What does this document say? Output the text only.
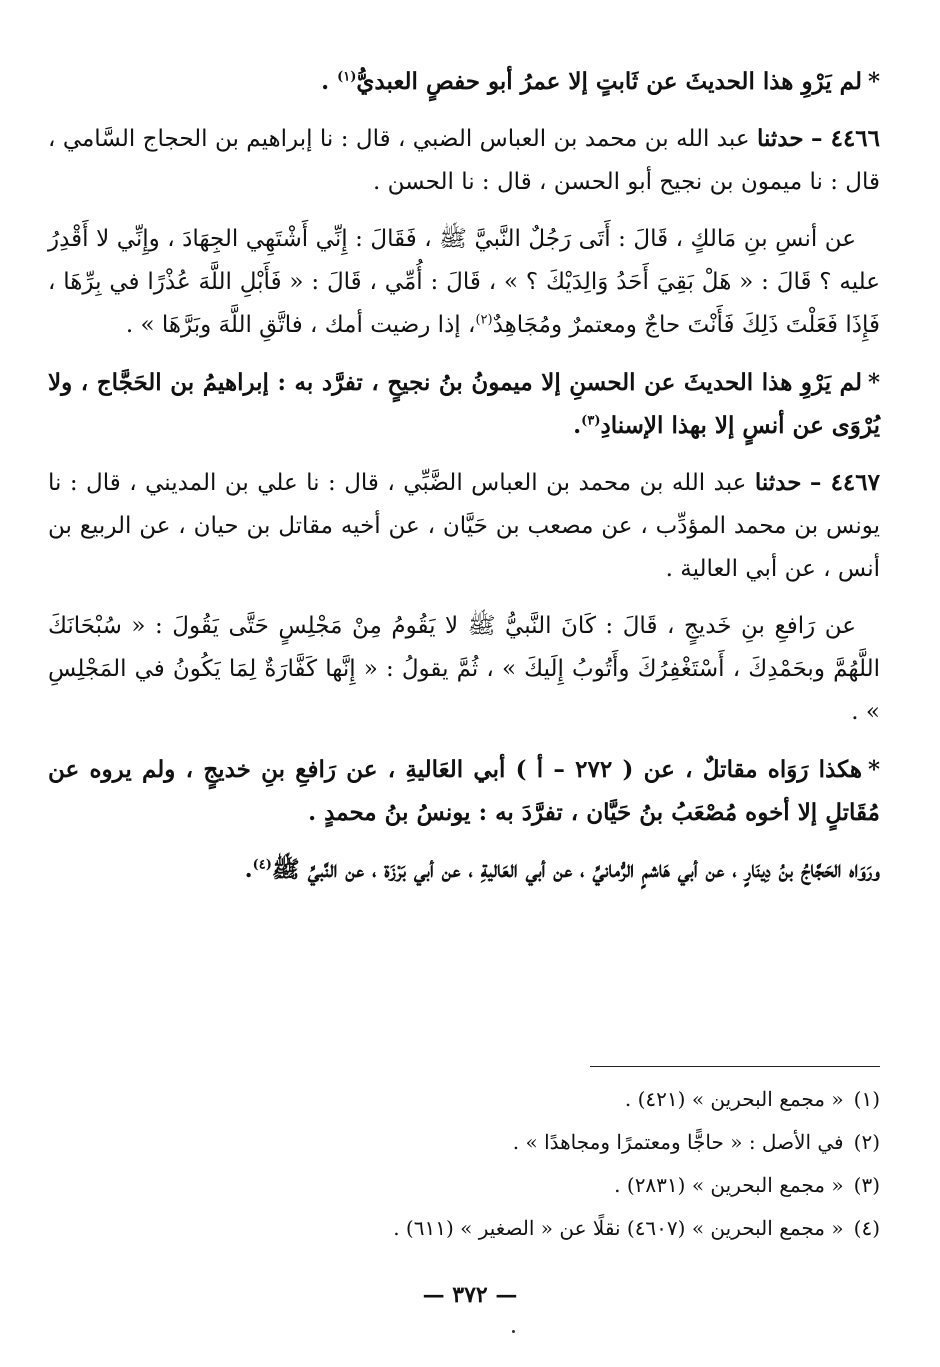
*لم يَرْوِ هذا الحديثَ عن ثَابتٍ إلا عمرُ أبو حفصٍ العبديُّ$^{(١)}$ .

٤٤٦٦ – حدثنا عبد الله بن محمد بن العباس الضبي ، قال : نا إبراهيم بن الحجاج السَّامي ، قال : نا ميمون بن نجيح أبو الحسن ، قال : نا الحسن .

عن أنسِ بنِ مَالكٍ ، قَالَ : أَتَى رَجُلٌ النَّبيَّ ﷺ ، فَقَالَ : إِنِّي أَشْتَهِي الجِهَادَ ، وإِنِّي لا أَقْدِرُ عليه ؟ قَالَ : « هَلْ بَقِيَ أَحَدُ وَالِدَيْكَ ؟ » ، قَالَ : أُمِّي ، قَالَ : « فَأَبْلِ اللَّهَ عُذْرًا في بِرِّهَا ، فَإِذَا فَعَلْتَ ذَلِكَ فَأَنْتَ حاجٌ ومعتمرٌ ومُجَاهِدٌ$^{(٢)}$، إذا رضيت أمك ، فاتَّقِ اللَّهَ وبَرَّهَا » .

*لم يَرْوِ هذا الحديثَ عن الحسنِ إلا ميمونُ بنُ نجيحٍ ، تفرَّد به : إبراهيمُ بن الحَجَّاج ، ولا يُرْوَى عن أنسٍ إلا بهذا الإسنادِ$^{(٣)}$.

٤٤٦٧ – حدثنا عبد الله بن محمد بن العباس الضَّبِّي ، قال : نا علي بن المديني ، قال : نا يونس بن محمد المؤدِّب ، عن مصعب بن حَيَّان ، عن أخيه مقاتل بن حيان ، عن الربيع بن أنس ، عن أبي العالية .

عن رَافعِ بنِ خَديجٍ ، قَالَ : كَانَ النَّبيُّ ﷺ لا يَقُومُ مِنْ مَجْلِسٍ حَتَّى يَقُولَ : « سُبْحَانَكَ اللَّهُمَّ وبحَمْدِكَ ، أَسْتَغْفِرُكَ وأَتُوبُ إِلَيكَ » ، ثُمَّ يقولُ : « إِنَّها كَفَّارَةٌ لِمَا يَكُونُ في المَجْلِسِ » .

*هكذا رَوَاه مقاتلٌ ، عن ( ٢٧٢ – أ ) أبي العَاليةِ ، عن رَافعِ بنِ خديجٍ ، ولم يروه عن مُقَاتلٍ إلا أخوه مُصْعَبُ بنُ حَيَّان ، تفرَّدَ به : يونسُ بنُ محمدٍ .

ورَوَاه الحَجَّاجُ بنُ دِينَارٍ ، عن أبي هَاشمٍ الرُّمانيِّ ، عن أبي العَاليةِ ، عن أبي بَرْزَة ، عن النَّبيِّ ﷺ$^{(٤)}$.

(١)« مجمع البحرين » (٤٢١) .
(٢)في الأصل : « حاجًّا ومعتمرًا ومجاهدًا » .
(٣)« مجمع البحرين » (٢٨٣١) .
(٤)« مجمع البحرين » (٤٦٠٧) نقلًا عن « الصغير » (٦١١) .
— ٣٧٢ —
